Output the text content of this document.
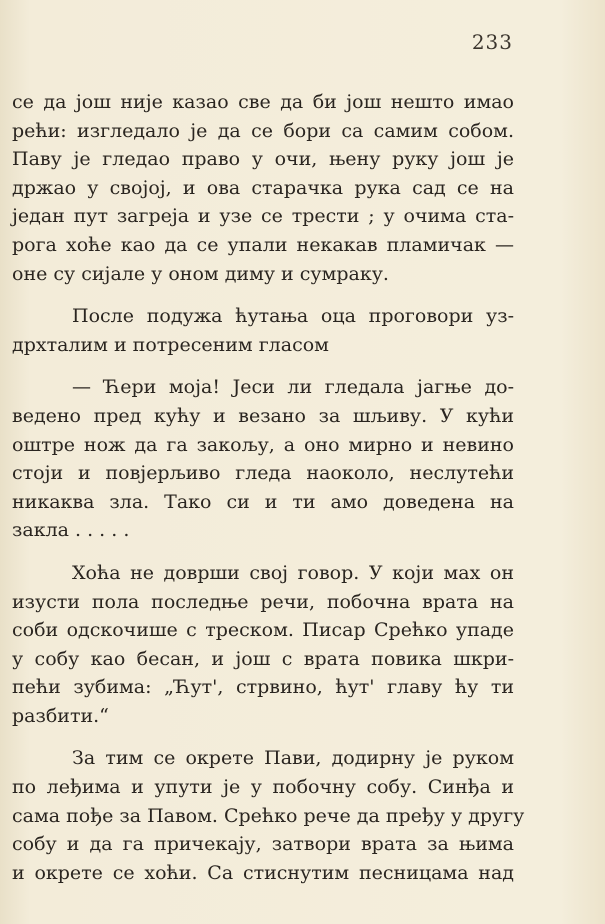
233
се да још није казао све да би још нешто имао
рећи: изгледало је да се бори са самим собом.
Паву је гледао право у очи, њену руку још је
држао у својој, и ова старачка рука сад се на
један пут загреја и узе се трести ; у очима ста-
рога хоће као да се упали некакав пламичак —
оне су сијале у оном диму и сумраку.
После подужа ћутања оца проговори уз-
дрхталим и потресеним гласом
— Ћери моја! Јеси ли гледала јагње до-
ведено пред кућу и везано за шљиву. У кући
оштре нож да га закољу, а оно мирно и невино
стоји и повјерљиво гледа наоколо, неслутећи
никаква зла. Тако си и ти амо доведена на
закла . . . . .
Хоћа не доврши свој говор. У који мах он
изусти пола последње речи, побочна врата на
соби одскочише с треском. Писар Срећко упаде
у собу као бесан, и још с врата повика шкри-
пећи зубима: „Ћут', стрвино, ћут' главу ћу ти
разбити.“
За тим се окрете Пави, додирну је руком
по леђима и упути је у побочну собу. Синђа и
сама пође за Павом. Срећко рече да пређу у другу
собу и да га причекају, затвори врата за њима
и окрете се хоћи. Са стиснутим песницама над
